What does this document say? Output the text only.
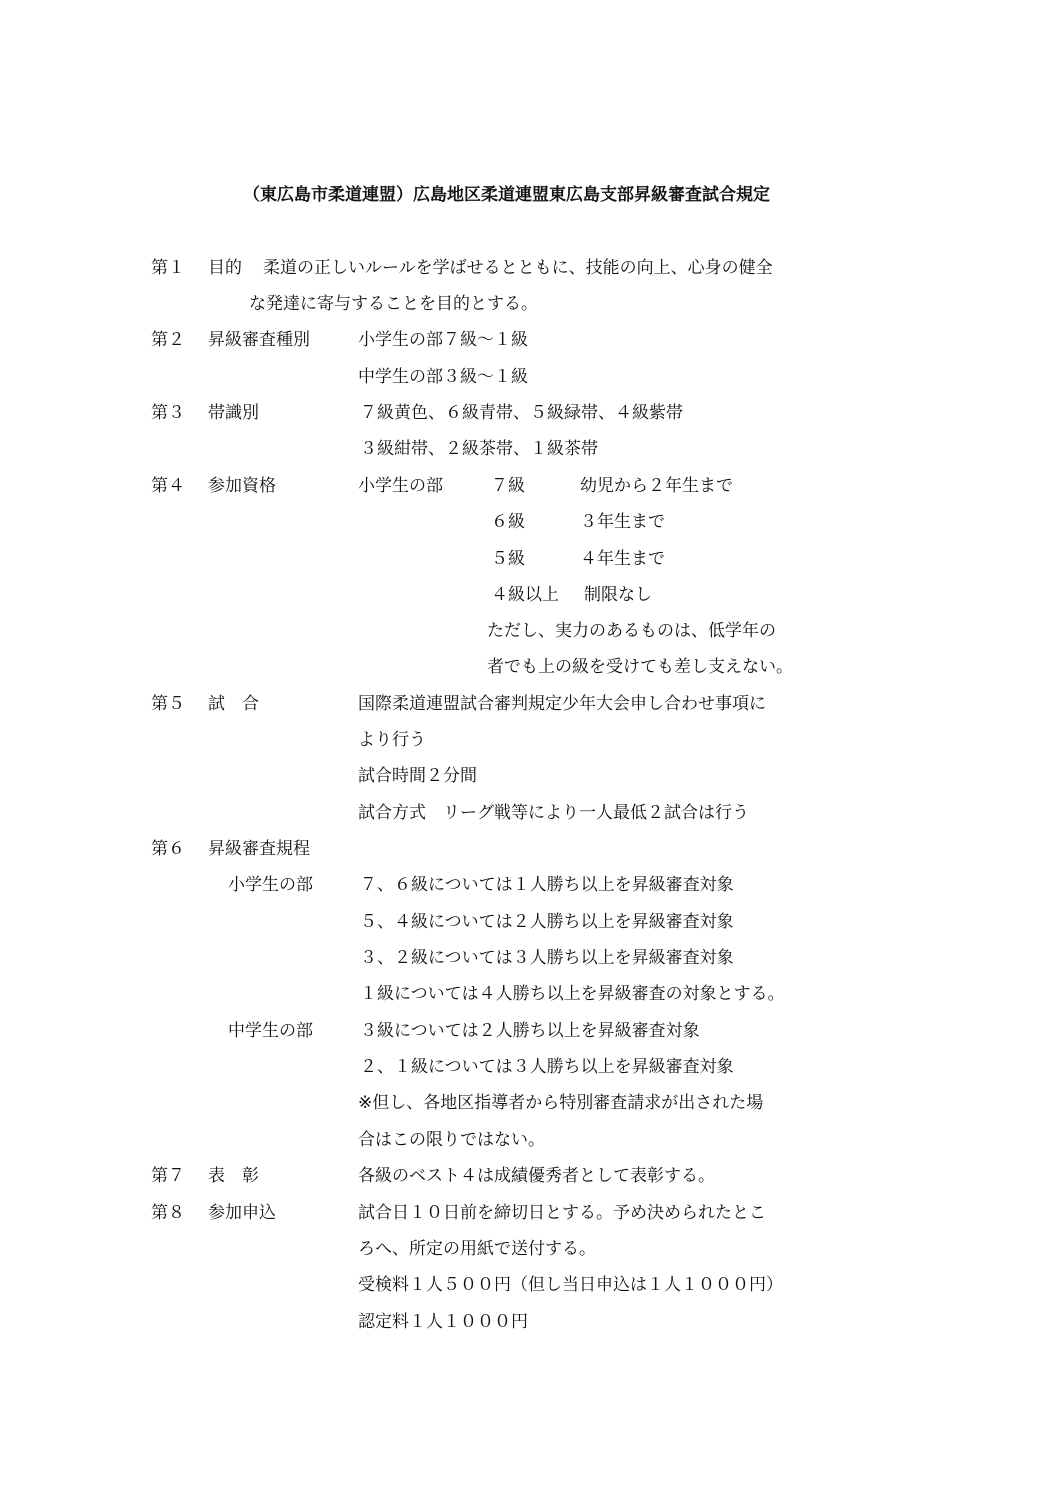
（東広島市柔道連盟）広島地区柔道連盟東広島支部昇級審査試合規定
第１ 目的 柔道の正しいルールを学ばせるとともに、技能の向上、心身の健全
な発達に寄与することを目的とする。
第２ 昇級審査種別	小学生の部７級～１級
中学生の部３級～１級
第３ 帯識別	７級黄色、６級青帯、５級緑帯、４級紫帯
３級紺帯、２級茶帯、１級茶帯
第４ 参加資格	小学生の部	７級	幼児から２年生まで
６級	３年生まで
５級	４年生まで
４級以上 制限なし
ただし、実力のあるものは、低学年の
者でも上の級を受けても差し支えない。
第５ 試　合	国際柔道連盟試合審判規定少年大会申し合わせ事項に
より行う
試合時間２分間
試合方式　リーグ戦等により一人最低２試合は行う
第６ 昇級審査規程
小学生の部	７、６級については１人勝ち以上を昇級審査対象
５、４級については２人勝ち以上を昇級審査対象
３、２級については３人勝ち以上を昇級審査対象
１級については４人勝ち以上を昇級審査の対象とする。
中学生の部	３級については２人勝ち以上を昇級審査対象
２、１級については３人勝ち以上を昇級審査対象
※但し、各地区指導者から特別審査請求が出された場
合はこの限りではない。
第７ 表　彰	各級のベスト４は成績優秀者として表彰する。
第８ 参加申込	試合日１０日前を締切日とする。予め決められたとこ
ろへ、所定の用紙で送付する。
受検料１人５００円（但し当日申込は１人１０００円）
認定料１人１０００円
